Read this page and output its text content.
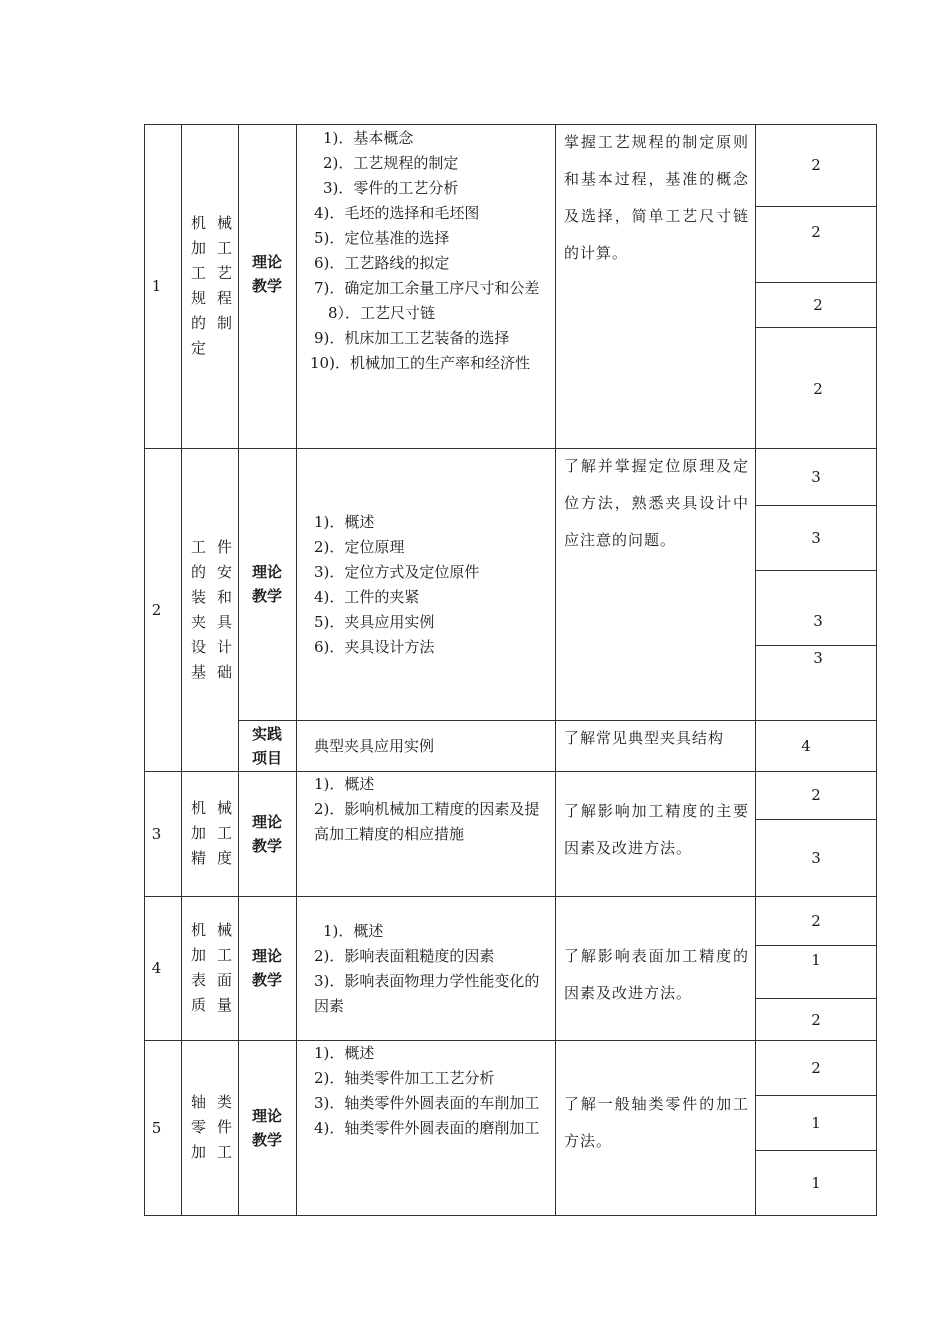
1
机械加工工艺规程的制定
理论教学
1)．基本概念
2)．工艺规程的制定
3)．零件的工艺分析
4)．毛坯的选择和毛坯图
5)．定位基准的选择
6)．工艺路线的拟定
7)．确定加工余量工序尺寸和公差
8）．工艺尺寸链
9)．机床加工工艺装备的选择
10)．机械加工的生产率和经济性
掌握工艺规程的制定原则和基本过程，基准的概念及选择，简单工艺尺寸链的计算。
2
2
2
2
2
工件的安装和夹具设计基础
理论教学
1)．概述
2)．定位原理
3)．定位方式及定位原件
4)．工件的夹紧
5)．夹具应用实例
6)．夹具设计方法
了解并掌握定位原理及定位方法，熟悉夹具设计中应注意的问题。
3
3
3
3
实践项目
典型夹具应用实例	了解常见典型夹具结构	4
3
机械加工精度
理论教学
1)．概述
2)．影响机械加工精度的因素及提高加工精度的相应措施
了解影响加工精度的主要因素及改进方法。
2
3
4
机械加工表面质量
理论教学
1)．概述
2)．影响表面粗糙度的因素
3)．影响表面物理力学性能变化的因素
了解影响表面加工精度的因素及改进方法。
2
1
2
5
轴类零件加工
理论教学
1)．概述
2)．轴类零件加工工艺分析
3)．轴类零件外圆表面的车削加工
4)．轴类零件外圆表面的磨削加工
了解一般轴类零件的加工方法。
2
1
1
